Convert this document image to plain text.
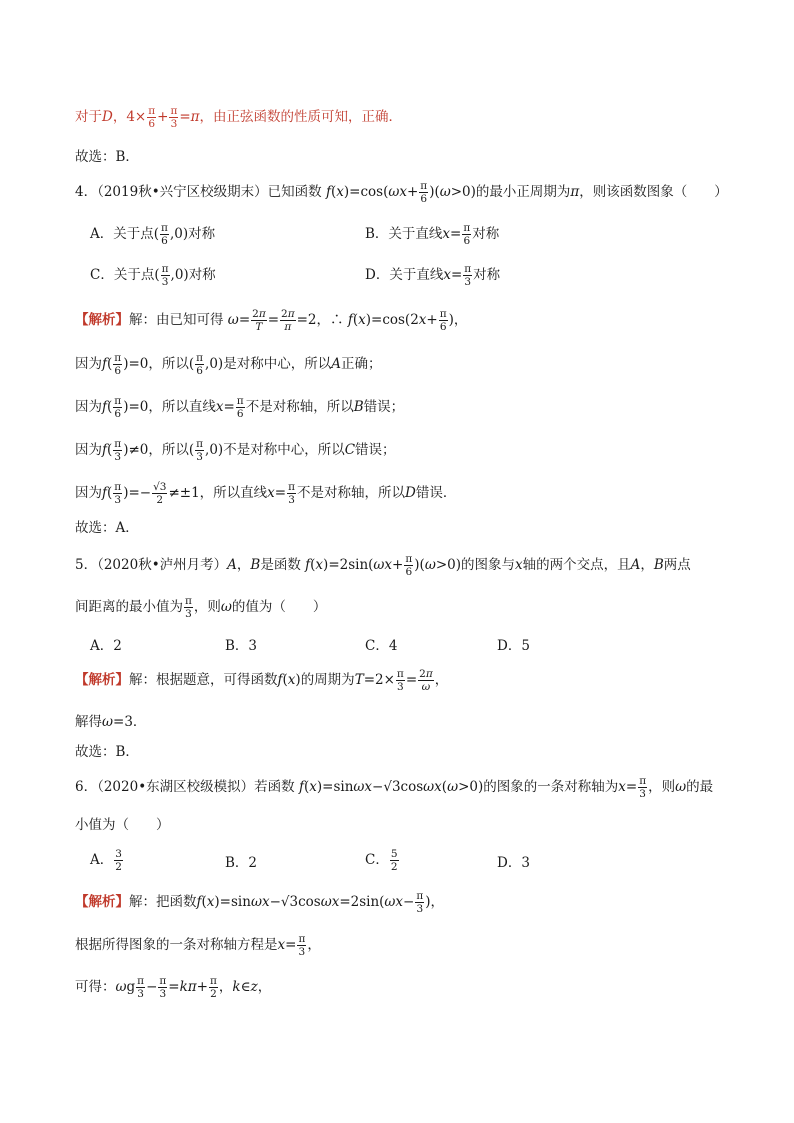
对于D，$4\times \frac{\pi}{6} + \frac{\pi}{3} =\pi$，由正弦函数的性质可知，正确．
故选：B．
4．（2019秋•兴宁区校级期末）已知函数 $f(x)=\cos(\omega x+ \frac{\pi}{6} )(\omega>0)$的最小正周期为π，则该函数图象（　　）
A．关于点( $\frac{\pi}{6} ,0$)对称	B．关于直线$x= \frac{\pi}{6}$ 对称
C．关于点( $\frac{\pi}{3} ,0$)对称	D．关于直线$x= \frac{\pi}{3}$ 对称
【解析】解：由已知可得 $\omega= \frac{2\pi}{T} = \frac{2\pi}{\pi} =2$，∴ $f(x)=\cos(2x+ \frac{\pi}{6}$ )，
因为$f( \frac{\pi}{6} )=0$，所以( $\frac{\pi}{6} ,0$)是对称中心，所以A正确；
因为$f( \frac{\pi}{6} )=0$，所以直线$x= \frac{\pi}{6}$ 不是对称轴，所以B错误；
因为$f( \frac{\pi}{3} )\ne 0$，所以( $\frac{\pi}{3} ,0$)不是对称中心，所以C错误；
因为$f( \frac{\pi}{3}$ )=− $\frac{√3}{2} \ne\pm 1$，所以直线$x= \frac{\pi}{3}$ 不是对称轴，所以D错误．
故选：A．
5．（2020秋•泸州月考）A，B是函数 $f(x)=2\sin(\omega x+ \frac{\pi}{6} )(\omega>0)$的图象与x轴的两个交点，且A，B两点
间距离的最小值为 $\frac{\pi}{3}$ ，则ω的值为（　　）
A．2	B．3	C．4	D．5
【解析】解：根据题意，可得函数f(x)的周期为$T=2\times \frac{\pi}{3} = \frac{2\pi}{\omega}$ ，
解得ω=3．
故选：B．
6．（2020•东湖区校级模拟）若函数 f(x)=sinωx−√3cosωx(ω>0)的图象的一条对称轴为$x= \frac{\pi}{3}$ ，则ω的最
小值为（　　）
A． $\frac{3}{2}$	B．2	C． $\frac{5}{2}$	D．3
【解析】解：把函数$f(x)=\sin\omega x-√3\cos\omega x=2\sin(\omega x- \frac{\pi}{3}$ )，
根据所得图象的一条对称轴方程是$x= \frac{\pi}{3}$ ，
可得：ωg $\frac{\pi}{3} - \frac{\pi}{3} =k\pi+ \frac{\pi}{2}$ ，k∈z，
